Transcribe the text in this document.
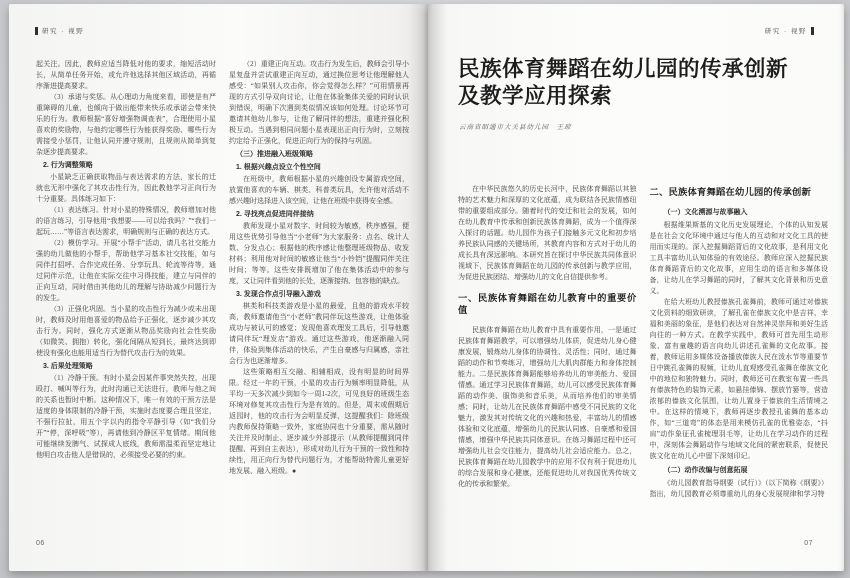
研究 · 视野

起关注。因此，教师应适当降低对他的要求，缩短活动时长，从简单任务开始，或允许他选择其他区域活动，再循序渐进提高要求。

（3）承诺与奖惩。从心理动力角度来看，即使是有严重障碍的儿童，也倾向于做出能带来快乐或承诺会带来快乐的行为。教师根据“喜好增强物调查表”，合理使用小星喜欢的奖励物，与他约定哪些行为能获得奖励、哪些行为需接受小惩罚，让他认同并遵守规则，且规则从简单到复杂逐步提高要求。

2. 行为调整策略

小星缺乏正确获取物品与表达需求的方法，家长的迁就也无形中强化了其攻击性行为，因此教他学习正向行为十分重要。具体练习如下：

（1）表达练习。针对小星的特殊情况，教师增加对他的语言练习，引导他用“我想要——可以给我吗？”“我们一起玩……”等语言表达需求，明确规则与正确的表达方式。

（2）模仿学习。开展“小帮手”活动，请几名社交能力强的幼儿做他的小帮手，帮助他学习基本社交技能，如与同伴打招呼、合作完成任务、分享玩具、轮流等待等，通过同伴示范，让他在实际交往中习得技能，建立与同伴的正向互动，同时借由其他幼儿的理解与协助减少问题行为的发生。

（3）正强化巩固。当小星的攻击性行为减少或未出现时，教师及时用他喜爱的物品给予正强化，逐步减少其攻击行为。同时，强化方式逐渐从物品奖励向社会性奖励（如微笑、拥抱）转化，强化间隔从短到长，最终达到即使没有强化也能用适当行为替代攻击行为的效果。

3. 后果处理策略

（1）冷静干预。有时小星会因某件事突然失控，出现殴打、喊叫等行为，此时沟通已无法进行，教师与他之间的关系也暂时中断。这种情况下，唯一有效的干预方法是适度的身体限制的冷静干预，实施时态度要合理且坚定，不强行拉扯，用五个字以内的指令平静引导（如“我们分开”“停，深呼吸”等），再请他到冷静区平复情绪。期间他可能继续发脾气、试探成人底线，教师需温柔而坚定地让他明白攻击他人是错误的，必须接受必要的约束。

（2）重建正向互动。攻击行为发生后，教师会引导小星复盘并尝试重建正向互动，通过换位思考让他理解他人感受：“如果别人攻击你，你会觉得怎么样？”可用情景再现的方式引导双向讨论，让他在体验集体关爱的同时认识到错误，明确下次遇到类似情况该如何处理。讨论环节可邀请其他幼儿参与，让他了解同伴的想法，重建并强化积极互动。当遇到相同问题小星表现出正向行为时，立刻按约定给予正强化，促进正向行为的保持与巩固。

（三）推进融入班级策略

1. 根据兴趣点设立个性空间

在班级中，教师根据小星的兴趣创设专属游戏空间，放置他喜欢的车辆、棋类、科普类玩具，允许他对活动不感兴趣时选择进入该空间，让他在班级中获得安全感。

2. 寻找亮点促进同伴接纳

教师发现小星对数字、时间较为敏感，秩序感强，便用这些优势引导他当“小老师”为大家服务：点名、统计人数、分发点心；根据他的秩序感让他整理班级物品、收发材料；利用他对时间的敏感让他当“小铃铛”提醒同伴关注时间；等等。这些安排既增加了他在集体活动中的参与度，又让同伴看到他的长处，逐渐接纳、包容他的缺点。

3. 发现合作点引导融入游戏

棋类和科技类游戏是小星的最爱，且他的游戏水平较高，教师邀请他当“小老师”教同伴玩这些游戏，让他体验成功与被认可的感觉；发现他喜欢理发工具后，引导他邀请同伴玩“理发店”游戏。通过这些游戏，他逐渐融入同伴，体验到集体活动的快乐，产生自豪感与归属感，亲社会行为也逐渐增多。

这些策略相互交融、相辅相成，没有明显的时间界限。经过一年的干预，小星的攻击行为频率明显降低，从平均一天多次减少到如今一周1-2次，可见良好的班级生态环境对修复其攻击性行为是有效的。但是，周末或假期后返园时，他的攻击行为会明显反弹，这提醒我们：除班级内教师保持策略一致外，家庭协同也十分重要，需从随时关注并及时制止、逐步减少外部提示（从教师提醒到同伴提醒、再到自主表达），形成对幼儿行为干预的一致性和持续性，用正向行为替代问题行为，才能帮助特需儿童更好地发展、融入班级。●

06
研究 · 视野
民族体育舞蹈在幼儿园的传承创新
及教学应用探索
云南省昭通市大关县幼儿园　王琼

在中华民族悠久的历史长河中，民族体育舞蹈以其独特的艺术魅力和深厚的文化底蕴，成为联结各民族情感纽带的重要组成部分。随着时代的变迁和社会的发展，如何在幼儿教育中传承和创新民族体育舞蹈，成为一个值得深入探讨的话题。幼儿园作为孩子们接触多元文化和初步培养民族认同感的关键场所，其教育内容和方式对于幼儿的成长具有深远影响。本研究旨在探讨中华民族共同体意识视域下，民族体育舞蹈在幼儿园的传承创新与教学应用，为促进民族团结、增强幼儿的文化自信提供参考。

一、民族体育舞蹈在幼儿教育中的重要价值

民族体育舞蹈在幼儿教育中具有重要作用，一是通过民族体育舞蹈教学，可以增强幼儿体质，促进幼儿身心健康发展，锻炼幼儿身体的协调性、灵活性；同时，通过舞蹈的动作和节奏练习，增强幼儿大肌肉群能力和身体控制能力。二是民族体育舞蹈能够培养幼儿的审美能力、爱国情感。通过学习民族体育舞蹈，幼儿可以感受民族体育舞蹈的动作美、服饰美和音乐美，从而培养他们的审美情感；同时，让幼儿在民族体育舞蹈中感受不同民族的文化魅力，激发其对传统文化的兴趣和热爱，丰富幼儿的情感体验和文化底蕴，增强幼儿的民族认同感、自豪感和爱国情感，增强中华民族共同体意识。在练习舞蹈过程中还可增强幼儿社会交往能力，提高幼儿社会适应能力。总之，民族体育舞蹈在幼儿园教学中的应用不仅有利于促进幼儿的综合发展和身心健康，还能促进幼儿对我国优秀传统文化的传承和繁荣。

二、民族体育舞蹈在幼儿园的传承创新

（一）文化溯源与故事融入

根据维果斯基的文化历史发展理论，个体的认知发展是在社会文化环境中通过与他人的互动和对文化工具的使用而实现的。深入挖掘舞蹈背后的文化故事，是利用文化工具丰富幼儿认知体验的有效途径。教师应深入挖掘民族体育舞蹈背后的文化故事，应用生动的语言和多媒体设备，让幼儿在学习舞蹈的同时，了解其文化背景和历史意义。

在给大班幼儿教授傣族孔雀舞前，教师可通过对傣族文化资料的细致研读，了解孔雀在傣族文化中是吉祥、幸福和美丽的象征，是他们表达对自然神灵崇拜和美好生活向往的一种方式。在教学实践中，教师可首先用生动形象、富有童趣的语言向幼儿讲述孔雀舞的文化故事。接着，教师运用多媒体设备播放傣族人民在泼水节等重要节日中跳孔雀舞的视频，让幼儿直观感受孔雀舞在傣族文化中的地位和独特魅力。同时，教师还可在教室布置一些具有傣族特色的装饰元素，如悬挂傣锦、摆放竹篓等，营造浓郁的傣族文化氛围，让幼儿置身于傣族的生活情境之中。在这样的情境下，教师再逐步教授孔雀舞的基本动作，如“三道弯”的体态是用来模仿孔雀的优雅姿态，“抖肩”动作象征孔雀梳理羽毛等，让幼儿在学习动作的过程中，深刻体会舞蹈动作与地域文化间的紧密联系，促使民族文化在幼儿心中留下深刻印记。

（二）动作改编与创意拓展

《幼儿园教育指导纲要（试行）》（以下简称《纲要》）指出，幼儿园教育必须尊重幼儿的身心发展规律和学习特

07
